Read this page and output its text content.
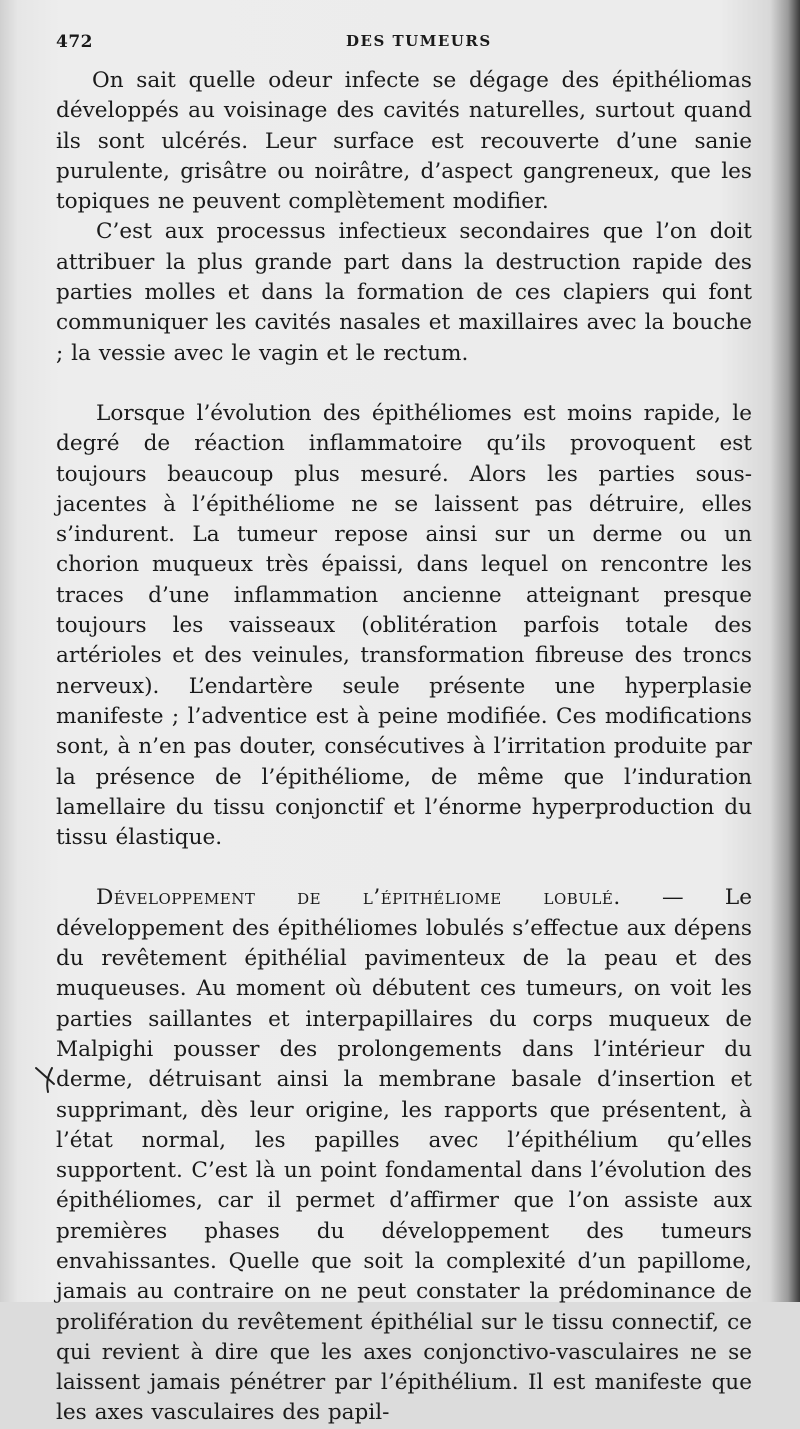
472	DES TUMEURS

On sait quelle odeur infecte se dégage des épithéliomas développés au voisinage des cavités naturelles, surtout quand ils sont ulcérés. Leur surface est recouverte d’une sanie purulente, grisâtre ou noirâtre, d’aspect gangreneux, que les topiques ne peuvent complètement modifier.

C’est aux processus infectieux secondaires que l’on doit attribuer la plus grande part dans la destruction rapide des parties molles et dans la formation de ces clapiers qui font communiquer les cavités nasales et maxillaires avec la bouche ; la vessie avec le vagin et le rectum.

Lorsque l’évolution des épithéliomes est moins rapide, le degré de réaction inflammatoire qu’ils provoquent est toujours beaucoup plus mesuré. Alors les parties sous-jacentes à l’épithéliome ne se laissent pas détruire, elles s’indurent. La tumeur repose ainsi sur un derme ou un chorion muqueux très épaissi, dans lequel on rencontre les traces d’une inflammation ancienne atteignant presque toujours les vaisseaux (oblitération parfois totale des artérioles et des veinules, transformation fibreuse des troncs nerveux). L’endartère seule présente une hyperplasie manifeste ; l’adventice est à peine modifiée. Ces modifications sont, à n’en pas douter, consécutives à l’irritation produite par la présence de l’épithéliome, de même que l’induration lamellaire du tissu conjonctif et l’énorme hyperproduction du tissu élastique.

Développement de l’épithéliome lobulé. — Le développement des épithéliomes lobulés s’effectue aux dépens du revêtement épithélial pavimenteux de la peau et des muqueuses. Au moment où débutent ces tumeurs, on voit les parties saillantes et interpapillaires du corps muqueux de Malpighi pousser des prolongements dans l’intérieur du derme, détruisant ainsi la membrane basale d’insertion et supprimant, dès leur origine, les rapports que présentent, à l’état normal, les papilles avec l’épithélium qu’elles supportent. C’est là un point fondamental dans l’évolution des épithéliomes, car il permet d’affirmer que l’on assiste aux premières phases du développement des tumeurs envahissantes. Quelle que soit la complexité d’un papillome, jamais au contraire on ne peut constater la prédominance de prolifération du revêtement épithélial sur le tissu connectif, ce qui revient à dire que les axes conjonctivo-vasculaires ne se laissent jamais pénétrer par l’épithélium. Il est manifeste que les axes vasculaires des papil-
